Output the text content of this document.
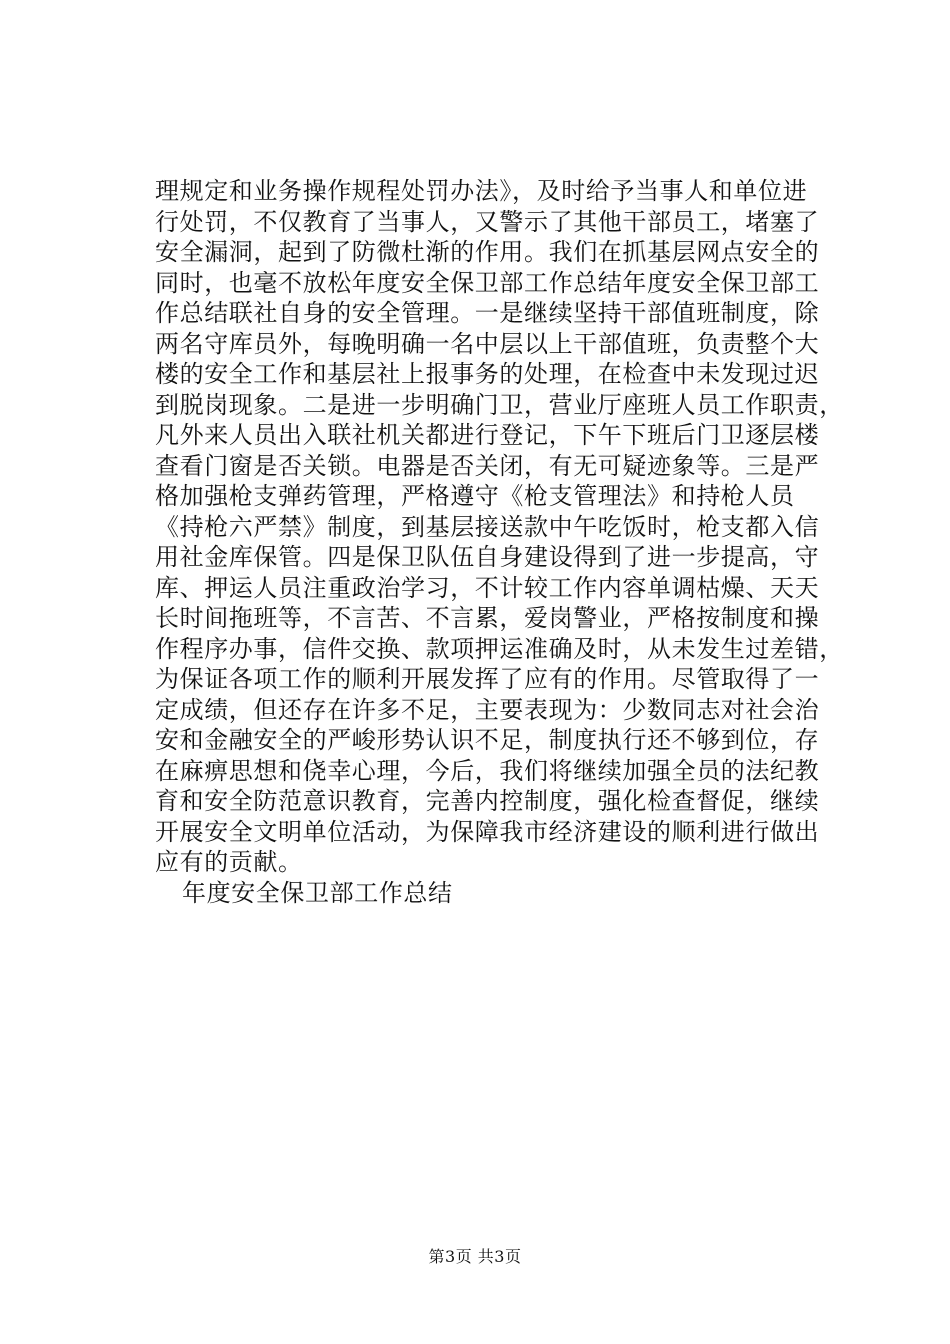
理规定和业务操作规程处罚办法》，及时给予当事人和单位进
行处罚，不仅教育了当事人，又警示了其他干部员工，堵塞了
安全漏洞，起到了防微杜渐的作用。我们在抓基层网点安全的
同时，也毫不放松年度安全保卫部工作总结年度安全保卫部工
作总结联社自身的安全管理。一是继续坚持干部值班制度，除
两名守库员外，每晚明确一名中层以上干部值班，负责整个大
楼的安全工作和基层社上报事务的处理，在检查中未发现过迟
到脱岗现象。二是进一步明确门卫，营业厅座班人员工作职责，
凡外来人员出入联社机关都进行登记，下午下班后门卫逐层楼
查看门窗是否关锁。电器是否关闭，有无可疑迹象等。三是严
格加强枪支弹药管理，严格遵守《枪支管理法》和持枪人员
《持枪六严禁》制度，到基层接送款中午吃饭时，枪支都入信
用社金库保管。四是保卫队伍自身建设得到了进一步提高，守
库、押运人员注重政治学习，不计较工作内容单调枯燥、天天
长时间拖班等，不言苦、不言累，爱岗警业，严格按制度和操
作程序办事，信件交换、款项押运准确及时，从未发生过差错，
为保证各项工作的顺利开展发挥了应有的作用。尽管取得了一
定成绩，但还存在许多不足，主要表现为：少数同志对社会治
安和金融安全的严峻形势认识不足，制度执行还不够到位，存
在麻痹思想和侥幸心理，今后，我们将继续加强全员的法纪教
育和安全防范意识教育，完善内控制度，强化检查督促，继续
开展安全文明单位活动，为保障我市经济建设的顺利进行做出
应有的贡献。
年度安全保卫部工作总结
第3页 共3页
